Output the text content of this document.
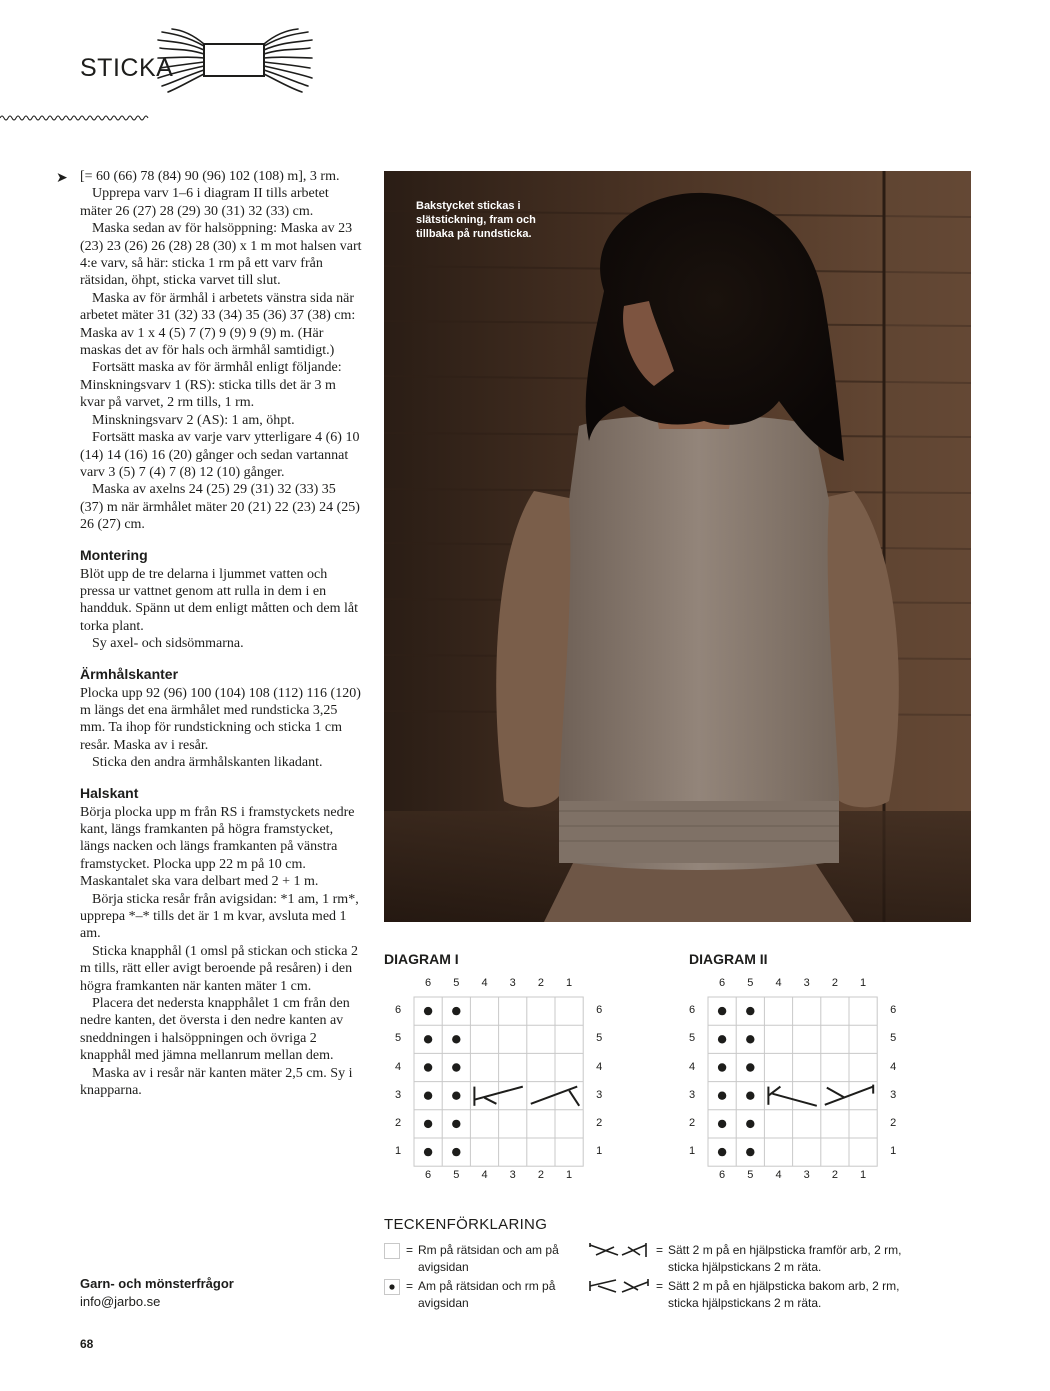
STICKA
➤ [= 60 (66) 78 (84) 90 (96) 102 (108) m], 3 rm.

Upprepa varv 1–6 i diagram II tills arbetet mäter 26 (27) 28 (29) 30 (31) 32 (33) cm.

Maska sedan av för halsöppning: Maska av 23 (23) 23 (26) 26 (28) 28 (30) x 1 m mot halsen vart 4:e varv, så här: sticka 1 rm på ett varv från rätsidan, öhpt, sticka varvet till slut.

Maska av för ärmhål i arbetets vänstra sida när arbetet mäter 31 (32) 33 (34) 35 (36) 37 (38) cm: Maska av 1 x 4 (5) 7 (7) 9 (9) 9 (9) m. (Här maskas det av för hals och ärmhål samtidigt.)

Fortsätt maska av för ärmhål enligt följande: Minskningsvarv 1 (RS): sticka tills det är 3 m kvar på varvet, 2 rm tills, 1 rm.

Minskningsvarv 2 (AS): 1 am, öhpt.

Fortsätt maska av varje varv ytterligare 4 (6) 10 (14) 14 (16) 16 (20) gånger och sedan vartannat varv 3 (5) 7 (4) 7 (8) 12 (10) gånger.

Maska av axelns 24 (25) 29 (31) 32 (33) 35 (37) m när ärmhålet mäter 20 (21) 22 (23) 24 (25) 26 (27) cm.

Montering

Blöt upp de tre delarna i ljummet vatten och pressa ur vattnet genom att rulla in dem i en handduk. Spänn ut dem enligt måtten och dem låt torka plant.

Sy axel- och sidsömmarna.

Ärmhålskanter

Plocka upp 92 (96) 100 (104) 108 (112) 116 (120) m längs det ena ärmhålet med rundsticka 3,25 mm. Ta ihop för rundstickning och sticka 1 cm resår. Maska av i resår.

Sticka den andra ärmhålskanten likadant.

Halskant

Börja plocka upp m från RS i framstyckets nedre kant, längs framkanten på högra framstycket, längs nacken och längs framkanten på vänstra framstycket. Plocka upp 22 m på 10 cm. Maskantalet ska vara delbart med 2 + 1 m.

Börja sticka resår från avigsidan: *1 am, 1 rm*, upprepa *–* tills det är 1 m kvar, avsluta med 1 am.

Sticka knapphål (1 omsl på stickan och sticka 2 m tills, rätt eller avigt beroende på resåren) i den högra framkanten när kanten mäter 1 cm.

Placera det nedersta knapphålet 1 cm från den nedre kanten, det översta i den nedre kanten av sneddningen i halsöppningen och övriga 2 knapphål med jämna mellanrum mellan dem.

Maska av i resår när kanten mäter 2,5 cm. Sy i knapparna.

Garn- och mönsterfrågor
info@jarbo.se
68
Bakstycket stickas i slätstickning, fram och tillbaka på rundsticka.
DIAGRAM I	DIAGRAM II
TECKENFÖRKLARING
= Rm på rätsidan och am på avigsidan
= Am på rätsidan och rm på avigsidan
= Sätt 2 m på en hjälpsticka framför arb, 2 rm, sticka hjälpstickans 2 m räta.
= Sätt 2 m på en hjälpsticka bakom arb, 2 rm, sticka hjälpstickans 2 m räta.
6
6
5
5
4
4
3
3
2
2
1
1
6	6
5	5
4	4
3	3
2	2
1	1
6
6
5
5
4
4
3
3
2
2
1
1
6	6
5	5
4	4
3	3
2	2
1	1
